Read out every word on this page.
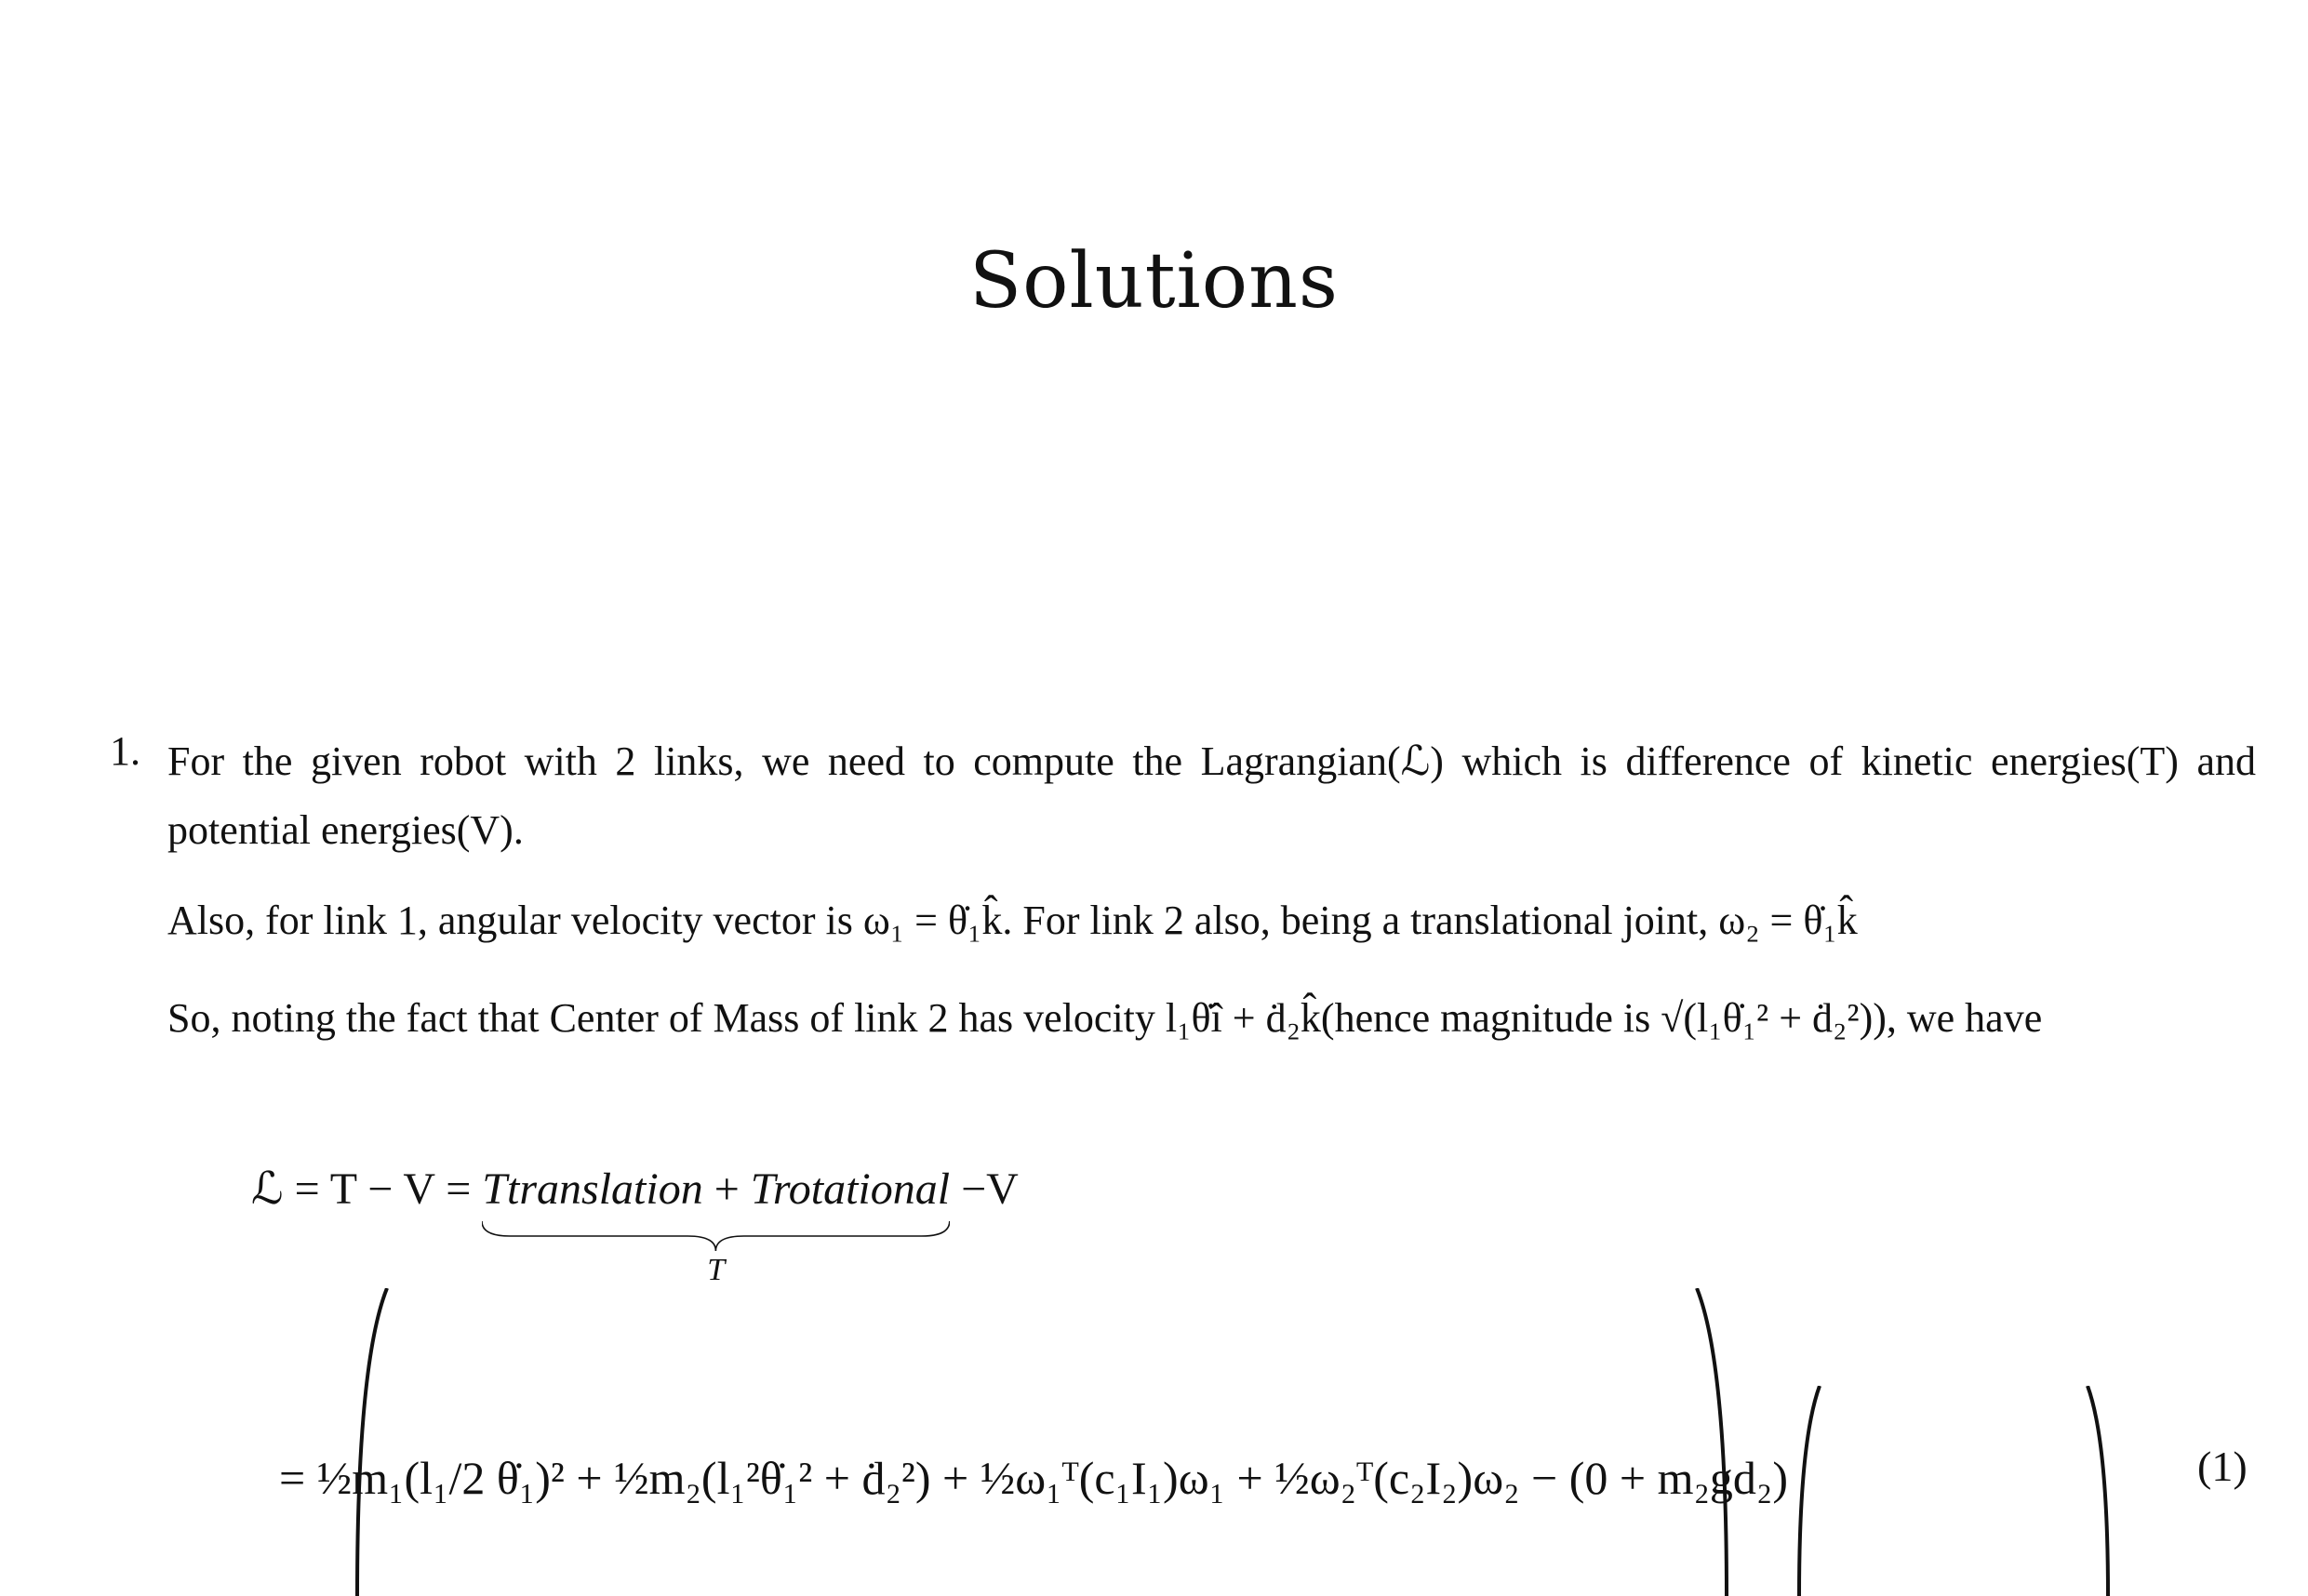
Solutions
1. For the given robot with 2 links, we need to compute the Lagrangian(ℒ) which is difference of kinetic energies(T) and potential energies(V).
Also, for link 1, angular velocity vector is ω₁ = θ̇₁k̂. For link 2 also, being a translational joint, ω₂ = θ̇₁k̂
So, noting the fact that Center of Mass of link 2 has velocity l₁θ̇î + ḋ₂k̂(hence magnitude is √(l₁θ̇₁² + ḋ₂²)), we have
ℒ = T − V = Ttranslation + Trotational
T
−V
= ½m₁(l₁/2 θ̇₁)² + ½m₂(l₁²θ̇₁² + ḋ₂²) + ½ω₁ᵀ(c₁I₁)ω₁ + ½ω₂ᵀ(c₂I₂)ω₂ − (0 + m₂gd₂)	(1)
